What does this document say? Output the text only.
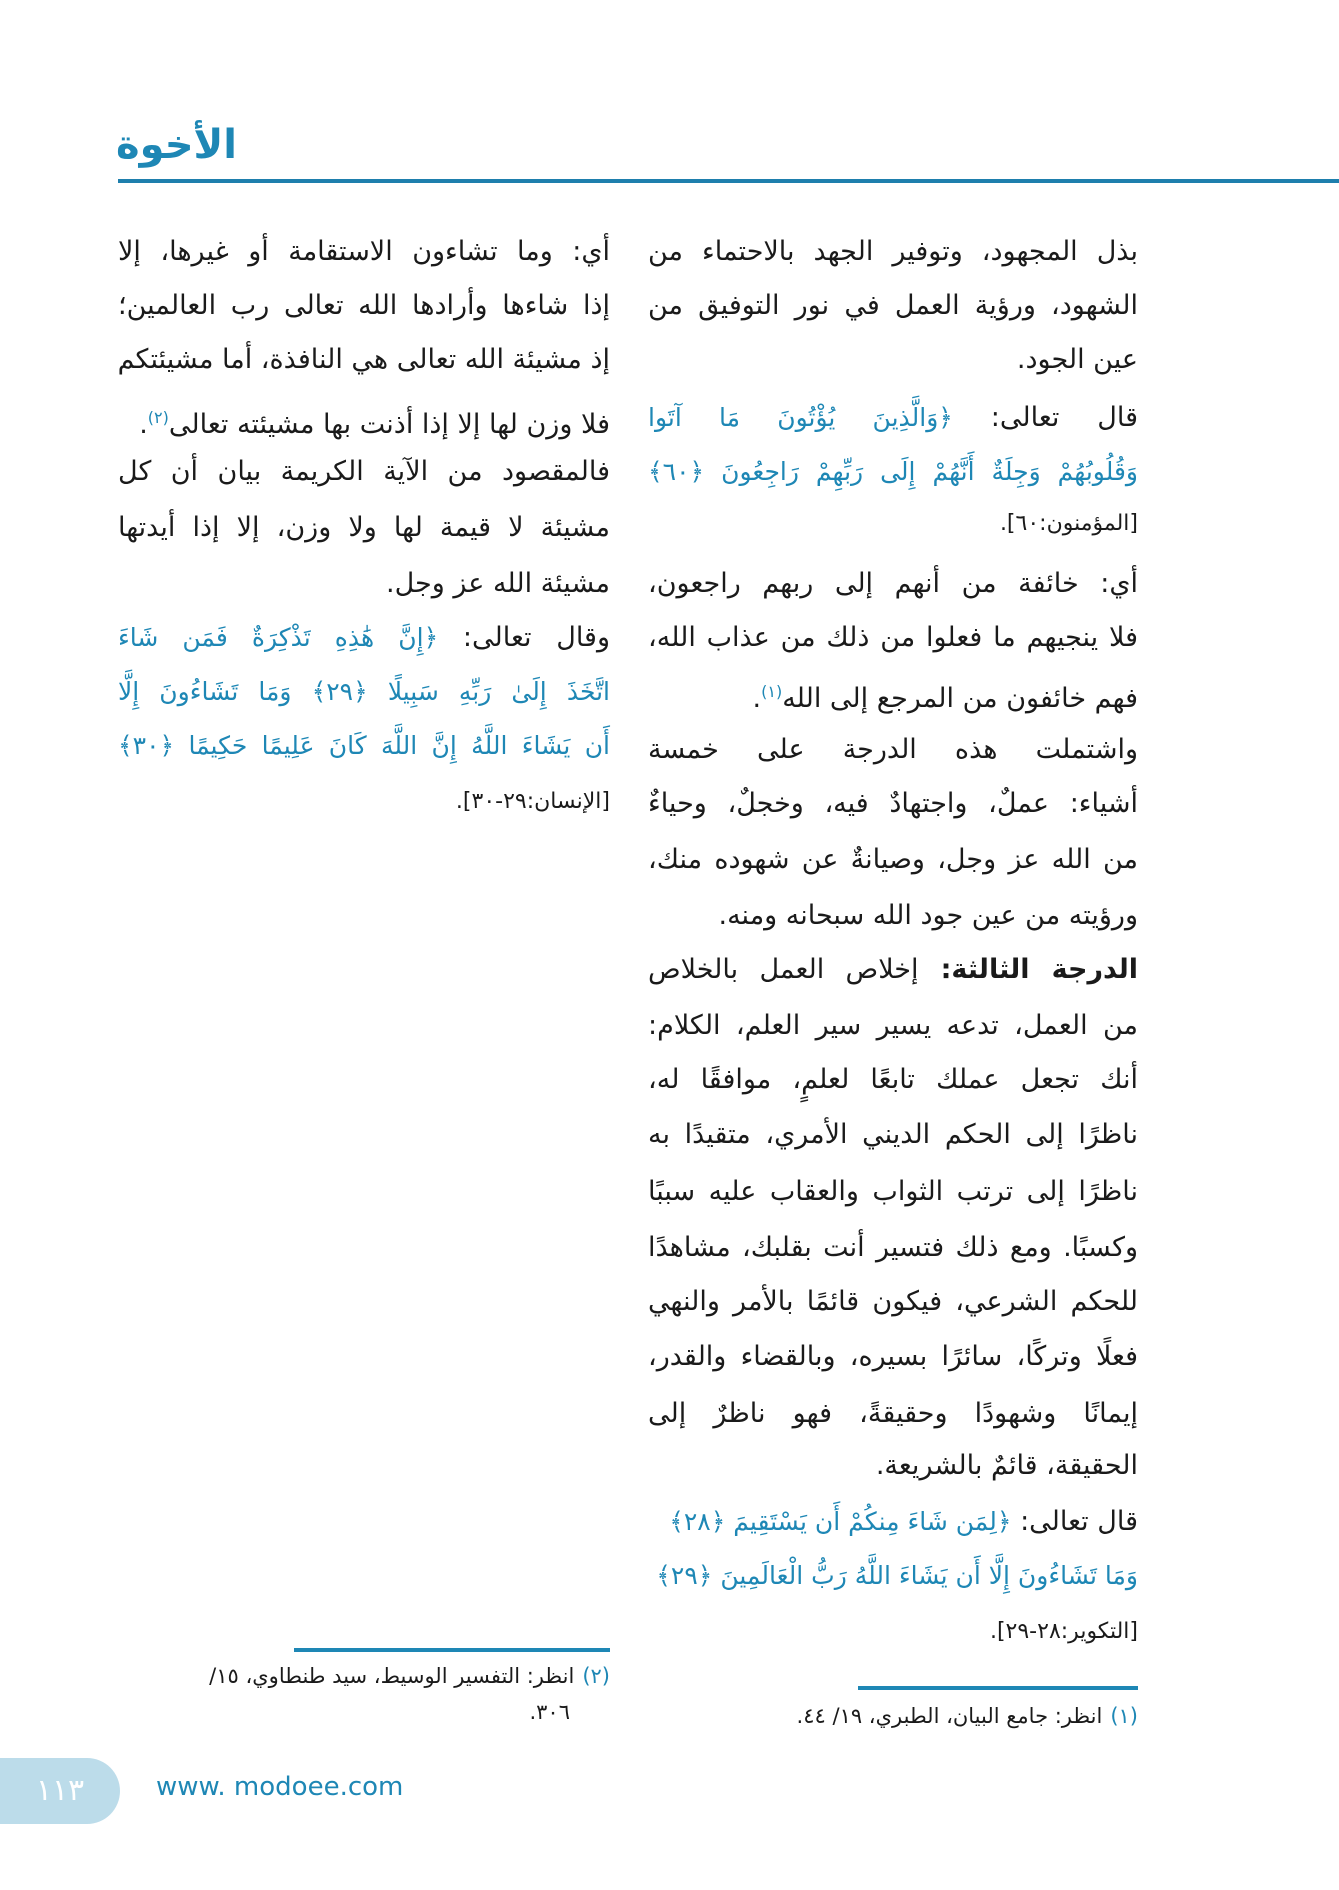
الأخوة
بذل المجهود، وتوفير الجهد بالاحتماء من
الشهود، ورؤية العمل في نور التوفيق من
عين الجود.
قال تعالى: ﴿وَالَّذِينَ يُؤْتُونَ مَا آتَوا
وَقُلُوبُهُمْ وَجِلَةٌ أَنَّهُمْ إِلَى رَبِّهِمْ رَاجِعُونَ ﴿٦٠﴾
[المؤمنون:٦٠].
أي: خائفة من أنهم إلى ربهم راجعون،
فلا ينجيهم ما فعلوا من ذلك من عذاب الله،
فهم خائفون من المرجع إلى الله$^{(١)}$.
واشتملت هذه الدرجة على خمسة
أشياء: عملٌ، واجتهادٌ فيه، وخجلٌ، وحياءٌ
من الله عز وجل، وصيانةٌ عن شهوده منك،
ورؤيته من عين جود الله سبحانه ومنه.
الدرجة الثالثة: إخلاص العمل بالخلاص
من العمل، تدعه يسير سير العلم، الكلام:
أنك تجعل عملك تابعًا لعلمٍ، موافقًا له،
ناظرًا إلى الحكم الديني الأمري، متقيدًا به
ناظرًا إلى ترتب الثواب والعقاب عليه سببًا
وكسبًا. ومع ذلك فتسير أنت بقلبك، مشاهدًا
للحكم الشرعي، فيكون قائمًا بالأمر والنهي
فعلًا وتركًا، سائرًا بسيره، وبالقضاء والقدر،
إيمانًا وشهودًا وحقيقةً، فهو ناظرٌ إلى
الحقيقة، قائمٌ بالشريعة.
قال تعالى: ﴿لِمَن شَاءَ مِنكُمْ أَن يَسْتَقِيمَ ﴿٢٨﴾
وَمَا تَشَاءُونَ إِلَّا أَن يَشَاءَ اللَّهُ رَبُّ الْعَالَمِينَ ﴿٢٩﴾
[التكوير:٢٨-٢٩].
أي: وما تشاءون الاستقامة أو غيرها، إلا
إذا شاءها وأرادها الله تعالى رب العالمين؛
إذ مشيئة الله تعالى هي النافذة، أما مشيئتكم
فلا وزن لها إلا إذا أذنت بها مشيئته تعالى$^{(٢)}$.
فالمقصود من الآية الكريمة بيان أن كل
مشيئة لا قيمة لها ولا وزن، إلا إذا أيدتها
مشيئة الله عز وجل.
وقال تعالى: ﴿إِنَّ هَٰذِهِ تَذْكِرَةٌ فَمَن شَاءَ
اتَّخَذَ إِلَىٰ رَبِّهِ سَبِيلًا ﴿٢٩﴾ وَمَا تَشَاءُونَ إِلَّا
أَن يَشَاءَ اللَّهُ إِنَّ اللَّهَ كَانَ عَلِيمًا حَكِيمًا ﴿٣٠﴾
[الإنسان:٢٩-٣٠].
(١)انظر: جامع البيان، الطبري، ١٩/ ٤٤.
(٢)انظر: التفسير الوسيط، سيد طنطاوي، ١٥/
٣٠٦.
١١٣	www. modoee.com
